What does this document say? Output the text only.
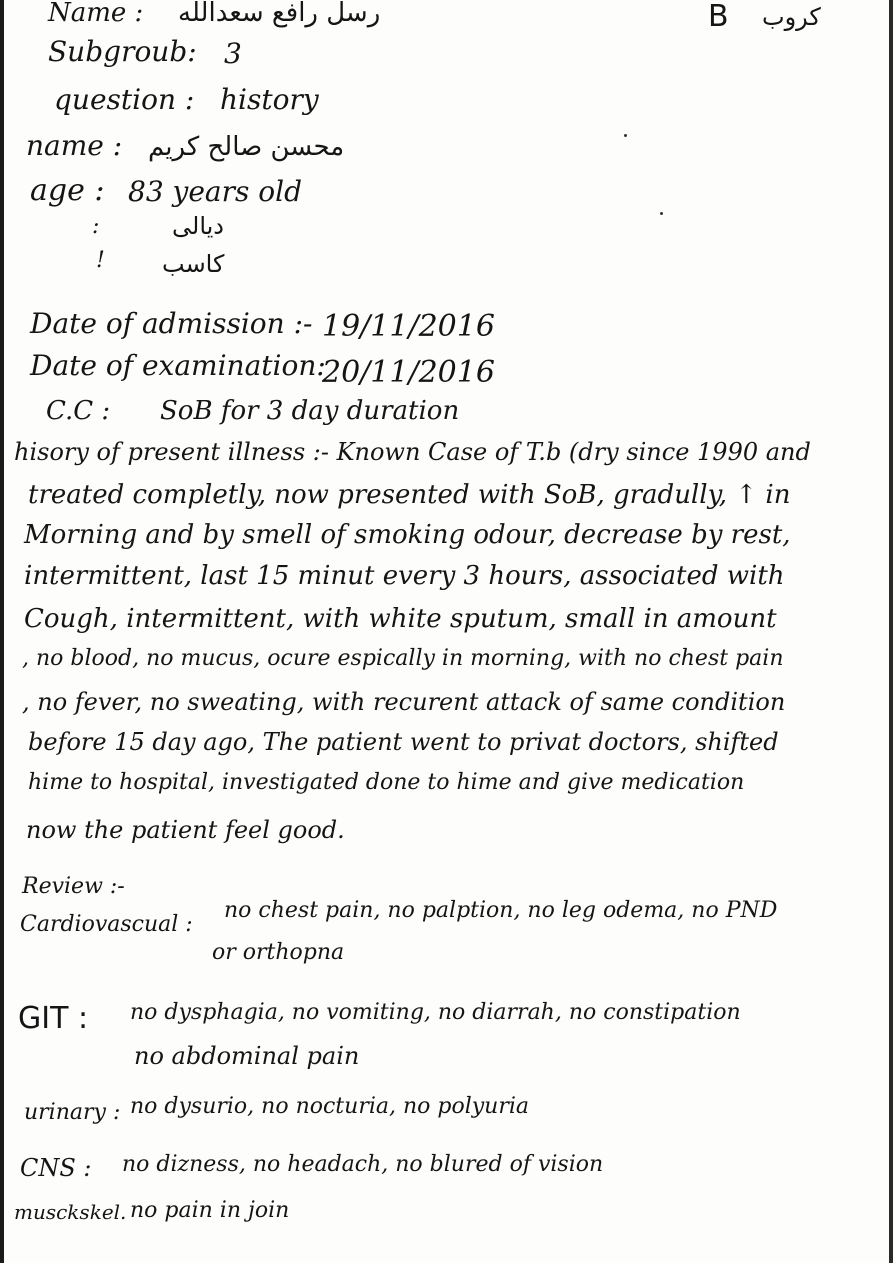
Name : رسل رافع سعدالله	B كروب
Subgroub: 3
question : history
name : محسن صالح كريم
age : 83 years old
:	ديالى
! كاسب
Date of admission :- 19/11/2016
Date of examination:
20/11/2016
C.C : SoB for 3 day duration
hisory of present illness :- Known Case of T.b (dry since 1990 and
treated completly, now presented with SoB, gradully, ↑ in
Morning and by smell of smoking odour, decrease by rest,
intermittent, last 15 minut every 3 hours, associated with
Cough, intermittent, with white sputum, small in amount
, no blood, no mucus, ocure espically in morning, with no chest pain
, no fever, no sweating, with recurent attack of same condition
before 15 day ago, The patient went to privat doctors, shifted
hime to hospital, investigated done to hime and give medication
now the patient feel good.
Review :-
Cardiovascual :
no chest pain, no palption, no leg odema, no PND
or orthopna
GIT : no dysphagia, no vomiting, no diarrah, no constipation
no abdominal pain
urinary : no dysurio, no nocturia, no polyuria
CNS : no dizness, no headach, no blured of vision
musckskel. no pain in join
